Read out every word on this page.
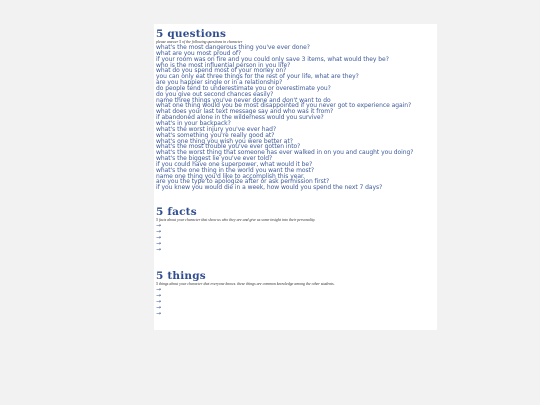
5 questions
please answer 5 of the following questions in character
what's the most dangerous thing you've ever done?
what are you most proud of?
if your room was on fire and you could only save 3 items, what would they be?
who is the most influential person in you life?
what do you spend most of your money on?
you can only eat three things for the rest of your life, what are they?
are you happier single or in a relationship?
do people tend to underestimate you or overestimate you?
do you give out second chances easily?
name three things you've never done and don't want to do
what one thing would you be most disappointed if you never got to experience again?
what does your last text message say and who was it from?
if abandoned alone in the wilderness would you survive?
what's in your backpack?
what's the worst injury you've ever had?
what's something you're really good at?
what's one thing you wish you were better at?
what's the most trouble you've ever gotten into?
what's the worst thing that someone has ever walked in on you and caught you doing?
what's the biggest lie you've ever told?
if you could have one superpower, what would it be?
what's the one thing in the world you want the most?
name one thing you'd like to accomplish this year.
are you the type to apologize after or ask permission first?
if you knew you would die in a week, how would you spend the next 7 days?
5 facts
5 facts about your character that show us who they are and give us some insight into their personality.
→
→
→
→
→
5 things
5 things about your character that everyone knows. these things are common knowledge among the other students.
→
→
→
→
→
